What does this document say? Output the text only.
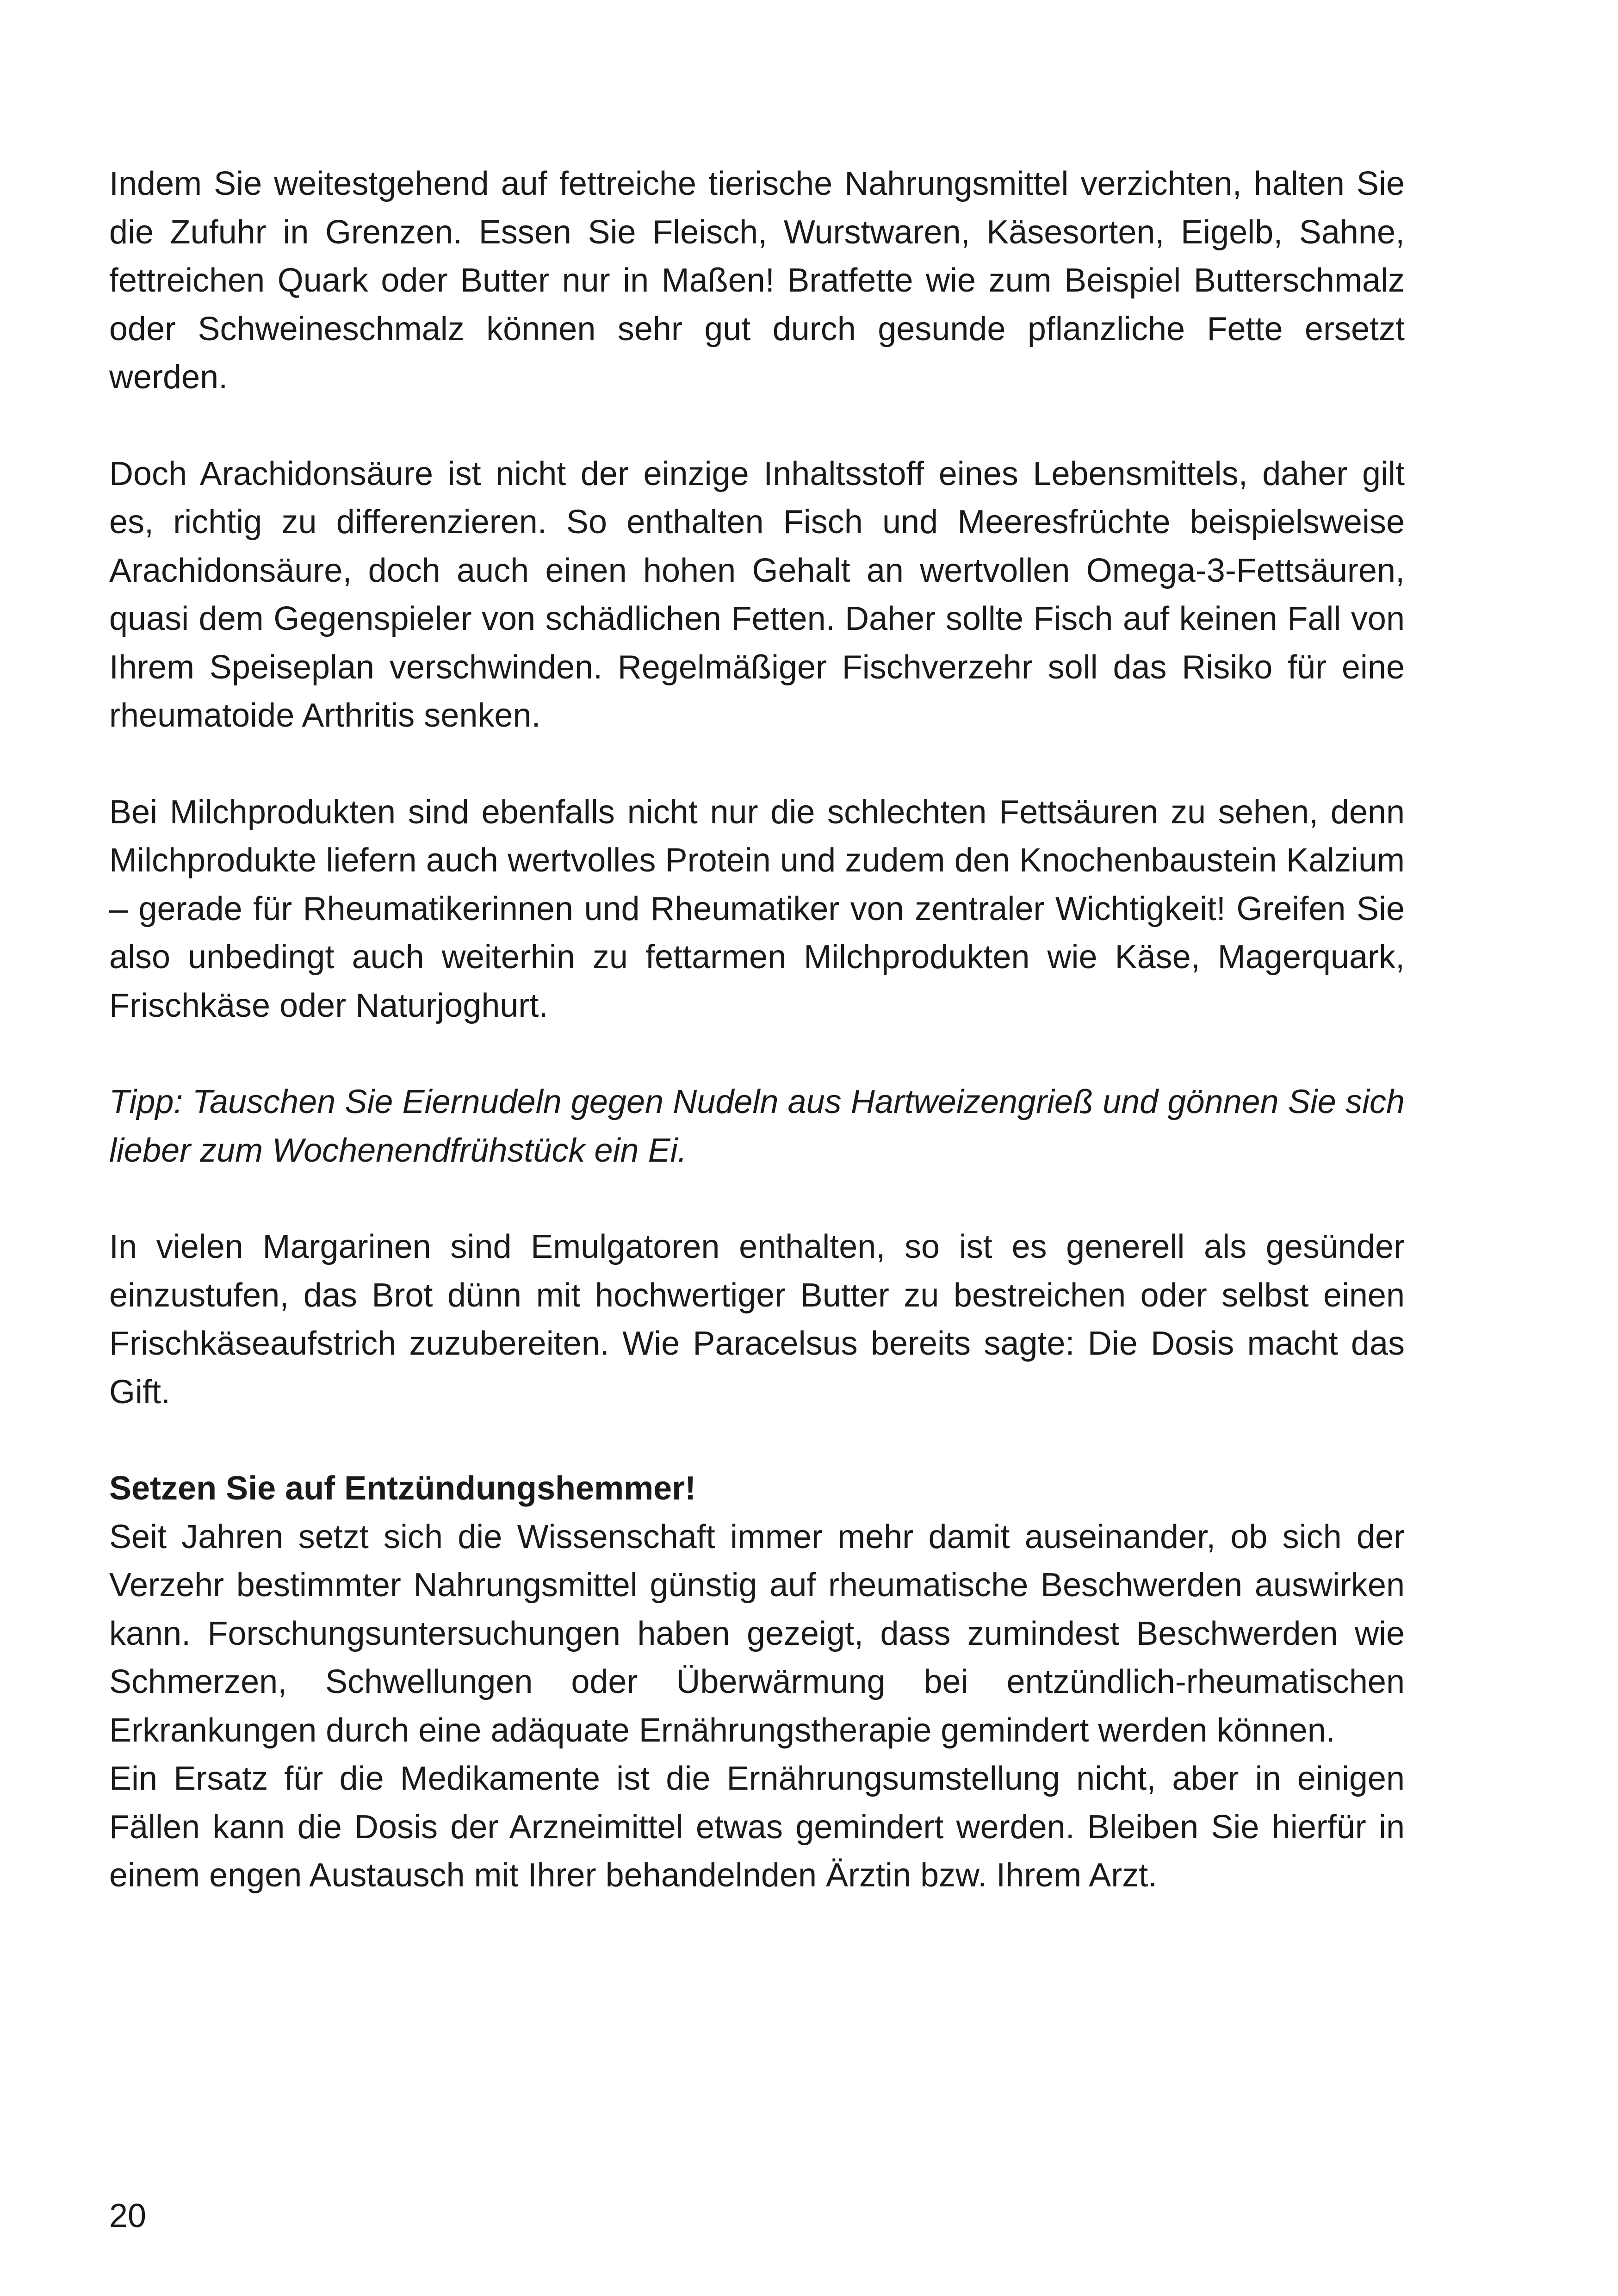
Indem Sie weitestgehend auf fettreiche tierische Nahrungsmittel verzichten, halten Sie die Zufuhr in Grenzen. Essen Sie Fleisch, Wurstwaren, Käsesorten, Eigelb, Sahne, fettreichen Quark oder Butter nur in Maßen! Bratfette wie zum Beispiel Butterschmalz oder Schweineschmalz können sehr gut durch gesunde pflanzliche Fette ersetzt werden.

Doch Arachidonsäure ist nicht der einzige Inhaltsstoff eines Lebensmittels, daher gilt es, richtig zu differenzieren. So enthalten Fisch und Meeresfrüchte beispielsweise Arachidonsäure, doch auch einen hohen Gehalt an wertvollen Omega-3-Fettsäuren, quasi dem Gegenspieler von schädlichen Fetten. Daher sollte Fisch auf keinen Fall von Ihrem Speiseplan verschwinden. Regelmäßiger Fischverzehr soll das Risiko für eine rheumatoide Arthritis senken.

Bei Milchprodukten sind ebenfalls nicht nur die schlechten Fettsäuren zu sehen, denn Milchprodukte liefern auch wertvolles Protein und zudem den Knochenbaustein Kalzium – gerade für Rheumatikerinnen und Rheumatiker von zentraler Wichtigkeit! Greifen Sie also unbedingt auch weiterhin zu fettarmen Milchprodukten wie Käse, Magerquark, Frischkäse oder Naturjoghurt.

Tipp: Tauschen Sie Eiernudeln gegen Nudeln aus Hartweizengrieß und gönnen Sie sich lieber zum Wochenendfrühstück ein Ei.

In vielen Margarinen sind Emulgatoren enthalten, so ist es generell als gesünder einzustufen, das Brot dünn mit hochwertiger Butter zu bestreichen oder selbst einen Frischkäseaufstrich zuzubereiten. Wie Paracelsus bereits sagte: Die Dosis macht das Gift.

Setzen Sie auf Entzündungshemmer!

Seit Jahren setzt sich die Wissenschaft immer mehr damit auseinander, ob sich der Verzehr bestimmter Nahrungsmittel günstig auf rheumatische Beschwerden auswirken kann. Forschungsuntersuchungen haben gezeigt, dass zumindest Beschwerden wie Schmerzen, Schwellungen oder Überwärmung bei entzündlich-rheumatischen Erkrankungen durch eine adäquate Ernährungstherapie gemindert werden können.

Ein Ersatz für die Medikamente ist die Ernährungsumstellung nicht, aber in einigen Fällen kann die Dosis der Arzneimittel etwas gemindert werden. Bleiben Sie hierfür in einem engen Austausch mit Ihrer behandelnden Ärztin bzw. Ihrem Arzt.

20
